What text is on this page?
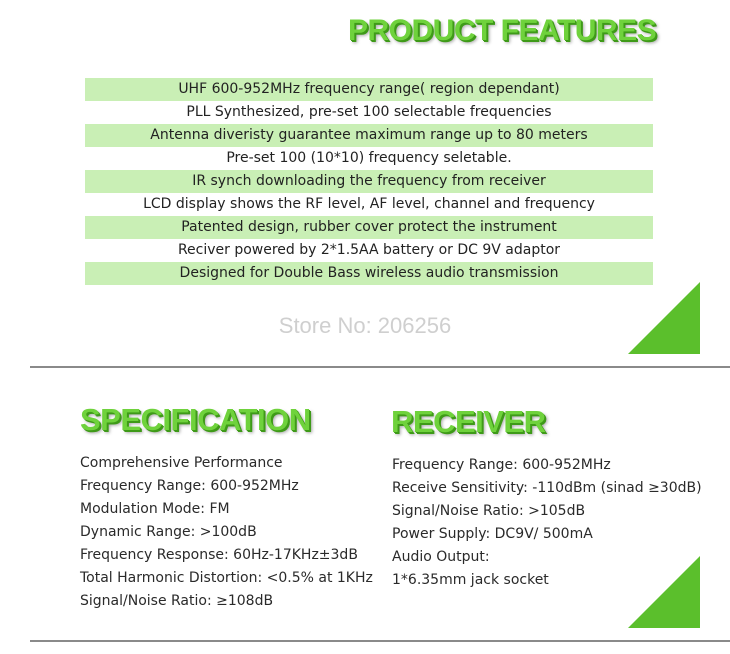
PRODUCT FEATURES
UHF 600-952MHz frequency range( region dependant)
PLL Synthesized, pre-set 100 selectable frequencies
Antenna diveristy guarantee maximum range up to 80 meters
Pre-set 100 (10*10) frequency seletable.
IR synch downloading the frequency from receiver
LCD display shows the RF level, AF level, channel and frequency
Patented design, rubber cover protect the instrument
Reciver powered by 2*1.5AA battery or DC 9V adaptor
Designed for Double Bass wireless audio transmission
Store No: 206256
SPECIFICATION
Comprehensive Performance
Frequency Range: 600-952MHz
Modulation Mode: FM
Dynamic Range: >100dB
Frequency Response: 60Hz-17KHz±3dB
Total Harmonic Distortion: <0.5% at 1KHz
Signal/Noise Ratio: ≥108dB
RECEIVER
Frequency Range: 600-952MHz
Receive Sensitivity: -110dBm (sinad ≥30dB)
Signal/Noise Ratio: >105dB
Power Supply: DC9V/ 500mA
Audio Output:
1*6.35mm jack socket
